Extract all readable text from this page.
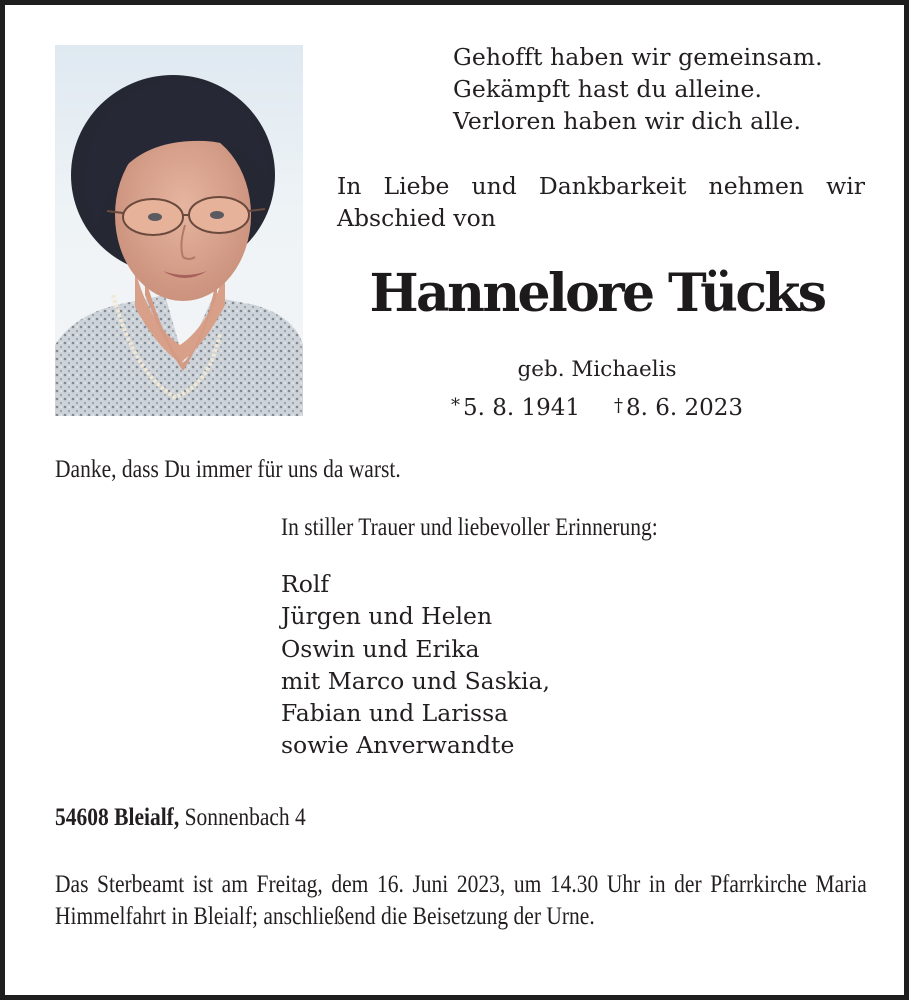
Gehofft haben wir gemeinsam.
Gekämpft hast du alleine.
Verloren haben wir dich alle.
In Liebe und Dankbarkeit nehmen wir Abschied von
Hannelore Tücks
geb. Michaelis
* 5. 8. 1941 † 8. 6. 2023
Danke, dass Du immer für uns da warst.
In stiller Trauer und liebevoller Erinnerung:
Rolf
Jürgen und Helen
Oswin und Erika
mit Marco und Saskia,
Fabian und Larissa
sowie Anverwandte
54608 Bleialf, Sonnenbach 4
Das Sterbeamt ist am Freitag, dem 16. Juni 2023, um 14.30 Uhr in der Pfarrkirche Maria Himmelfahrt in Bleialf; anschließend die Beisetzung der Urne.
